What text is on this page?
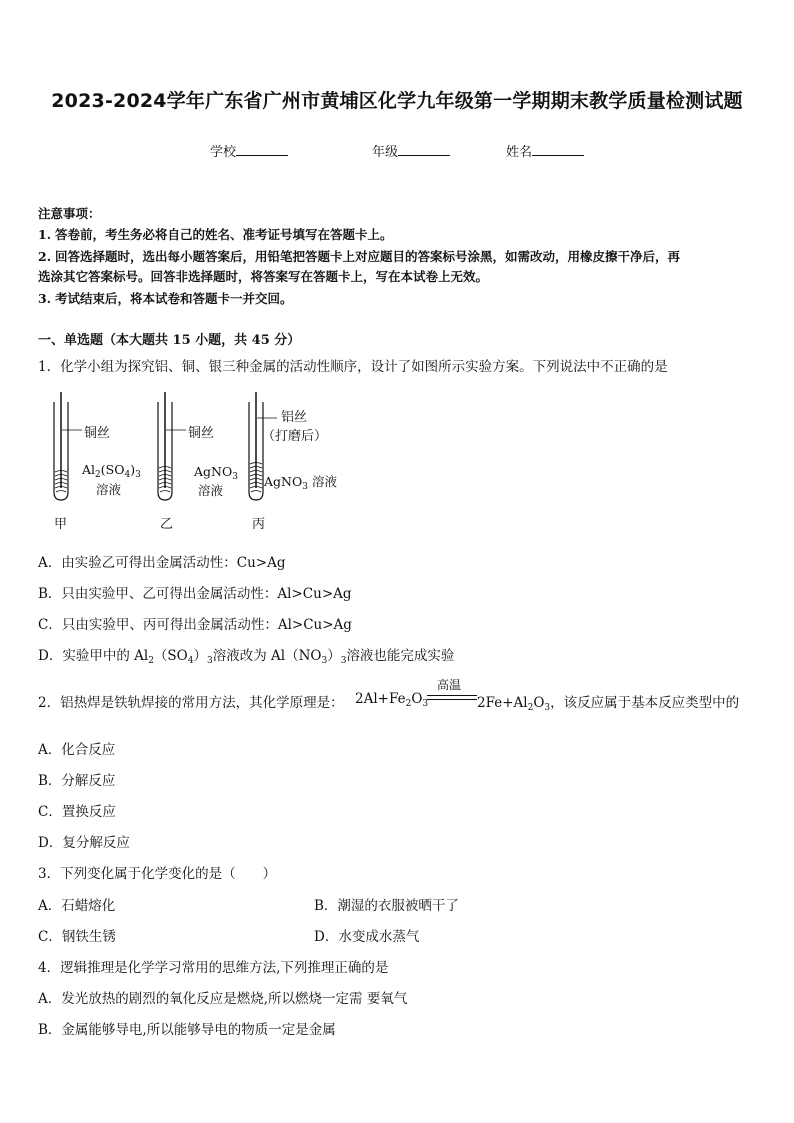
2023-2024学年广东省广州市黄埔区化学九年级第一学期期末教学质量检测试题
学校	年级	姓名
注意事项：
1. 答卷前，考生务必将自己的姓名、准考证号填写在答题卡上。
2. 回答选择题时，选出每小题答案后，用铅笔把答题卡上对应题目的答案标号涂黑，如需改动，用橡皮擦干净后，再
选涂其它答案标号。回答非选择题时，将答案写在答题卡上，写在本试卷上无效。
3. 考试结束后，将本试卷和答题卡一并交回。
一、单选题（本大题共 15 小题，共 45 分）
1．化学小组为探究铝、铜、银三种金属的活动性顺序，设计了如图所示实验方案。下列说法中不正确的是
铜丝
$Al_2(SO_4)_3$
溶液
甲
铜丝
AgNO$_3$
溶液
乙
铝丝
（打磨后）
AgNO$_3$ 溶液
丙
A．由实验乙可得出金属活动性：Cu>Ag
B．只由实验甲、乙可得出金属活动性：Al>Cu>Ag
C．只由实验甲、丙可得出金属活动性：Al>Cu>Ag
D．实验甲中的 $Al_2(SO_4)_3$溶液改为 $Al(NO_3)_3$溶液也能完成实验
2．铝热焊是铁轨焊接的常用方法，其化学原理是： $2Al+Fe_2O_3$
高温
$2Fe+Al_2O_3$，该反应属于基本反应类型中的
A．化合反应
B．分解反应
C．置换反应
D．复分解反应
3．下列变化属于化学变化的是（　　）
A．石蜡熔化	B．潮湿的衣服被晒干了
C．钢铁生锈	D．水变成水蒸气
4．逻辑推理是化学学习常用的思维方法,下列推理正确的是
A．发光放热的剧烈的氧化反应是燃烧,所以燃烧一定需 要氧气
B．金属能够导电,所以能够导电的物质一定是金属
